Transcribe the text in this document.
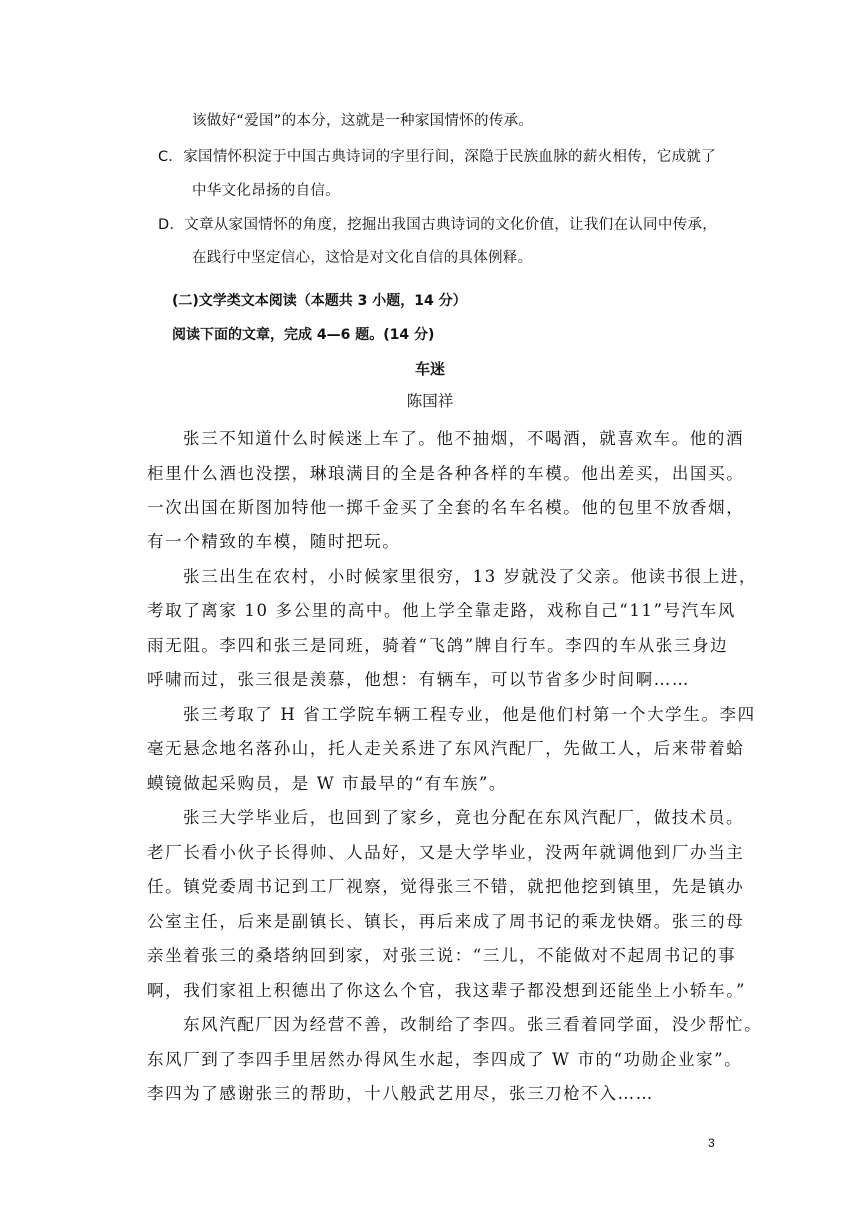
该做好“爱国”的本分，这就是一种家国情怀的传承。
C．家国情怀积淀于中国古典诗词的字里行间，深隐于民族血脉的薪火相传，它成就了
中华文化昂扬的自信。
D．文章从家国情怀的角度，挖掘出我国古典诗词的文化价值，让我们在认同中传承，
在践行中坚定信心，这恰是对文化自信的具体例释。
(二)文学类文本阅读（本题共 3 小题，14 分）
阅读下面的文章，完成 4—6 题。(14 分)
车迷
陈国祥
张三不知道什么时候迷上车了。他不抽烟，不喝酒，就喜欢车。他的酒
柜里什么酒也没摆，琳琅满目的全是各种各样的车模。他出差买，出国买。
一次出国在斯图加特他一掷千金买了全套的名车名模。他的包里不放香烟，
有一个精致的车模，随时把玩。
张三出生在农村，小时候家里很穷，13 岁就没了父亲。他读书很上进，
考取了离家 10 多公里的高中。他上学全靠走路，戏称自己“11”号汽车风
雨无阻。李四和张三是同班，骑着“飞鸽”牌自行车。李四的车从张三身边
呼啸而过，张三很是羡慕，他想：有辆车，可以节省多少时间啊……
张三考取了 H 省工学院车辆工程专业，他是他们村第一个大学生。李四
毫无悬念地名落孙山，托人走关系进了东风汽配厂，先做工人，后来带着蛤
蟆镜做起采购员，是 W 市最早的“有车族”。
张三大学毕业后，也回到了家乡，竟也分配在东风汽配厂，做技术员。
老厂长看小伙子长得帅、人品好，又是大学毕业，没两年就调他到厂办当主
任。镇党委周书记到工厂视察，觉得张三不错，就把他挖到镇里，先是镇办
公室主任，后来是副镇长、镇长，再后来成了周书记的乘龙快婿。张三的母
亲坐着张三的桑塔纳回到家，对张三说：“三儿，不能做对不起周书记的事
啊，我们家祖上积德出了你这么个官，我这辈子都没想到还能坐上小轿车。”
东风汽配厂因为经营不善，改制给了李四。张三看着同学面，没少帮忙。
东风厂到了李四手里居然办得风生水起，李四成了 W 市的“功勋企业家”。
李四为了感谢张三的帮助，十八般武艺用尽，张三刀枪不入……
3
